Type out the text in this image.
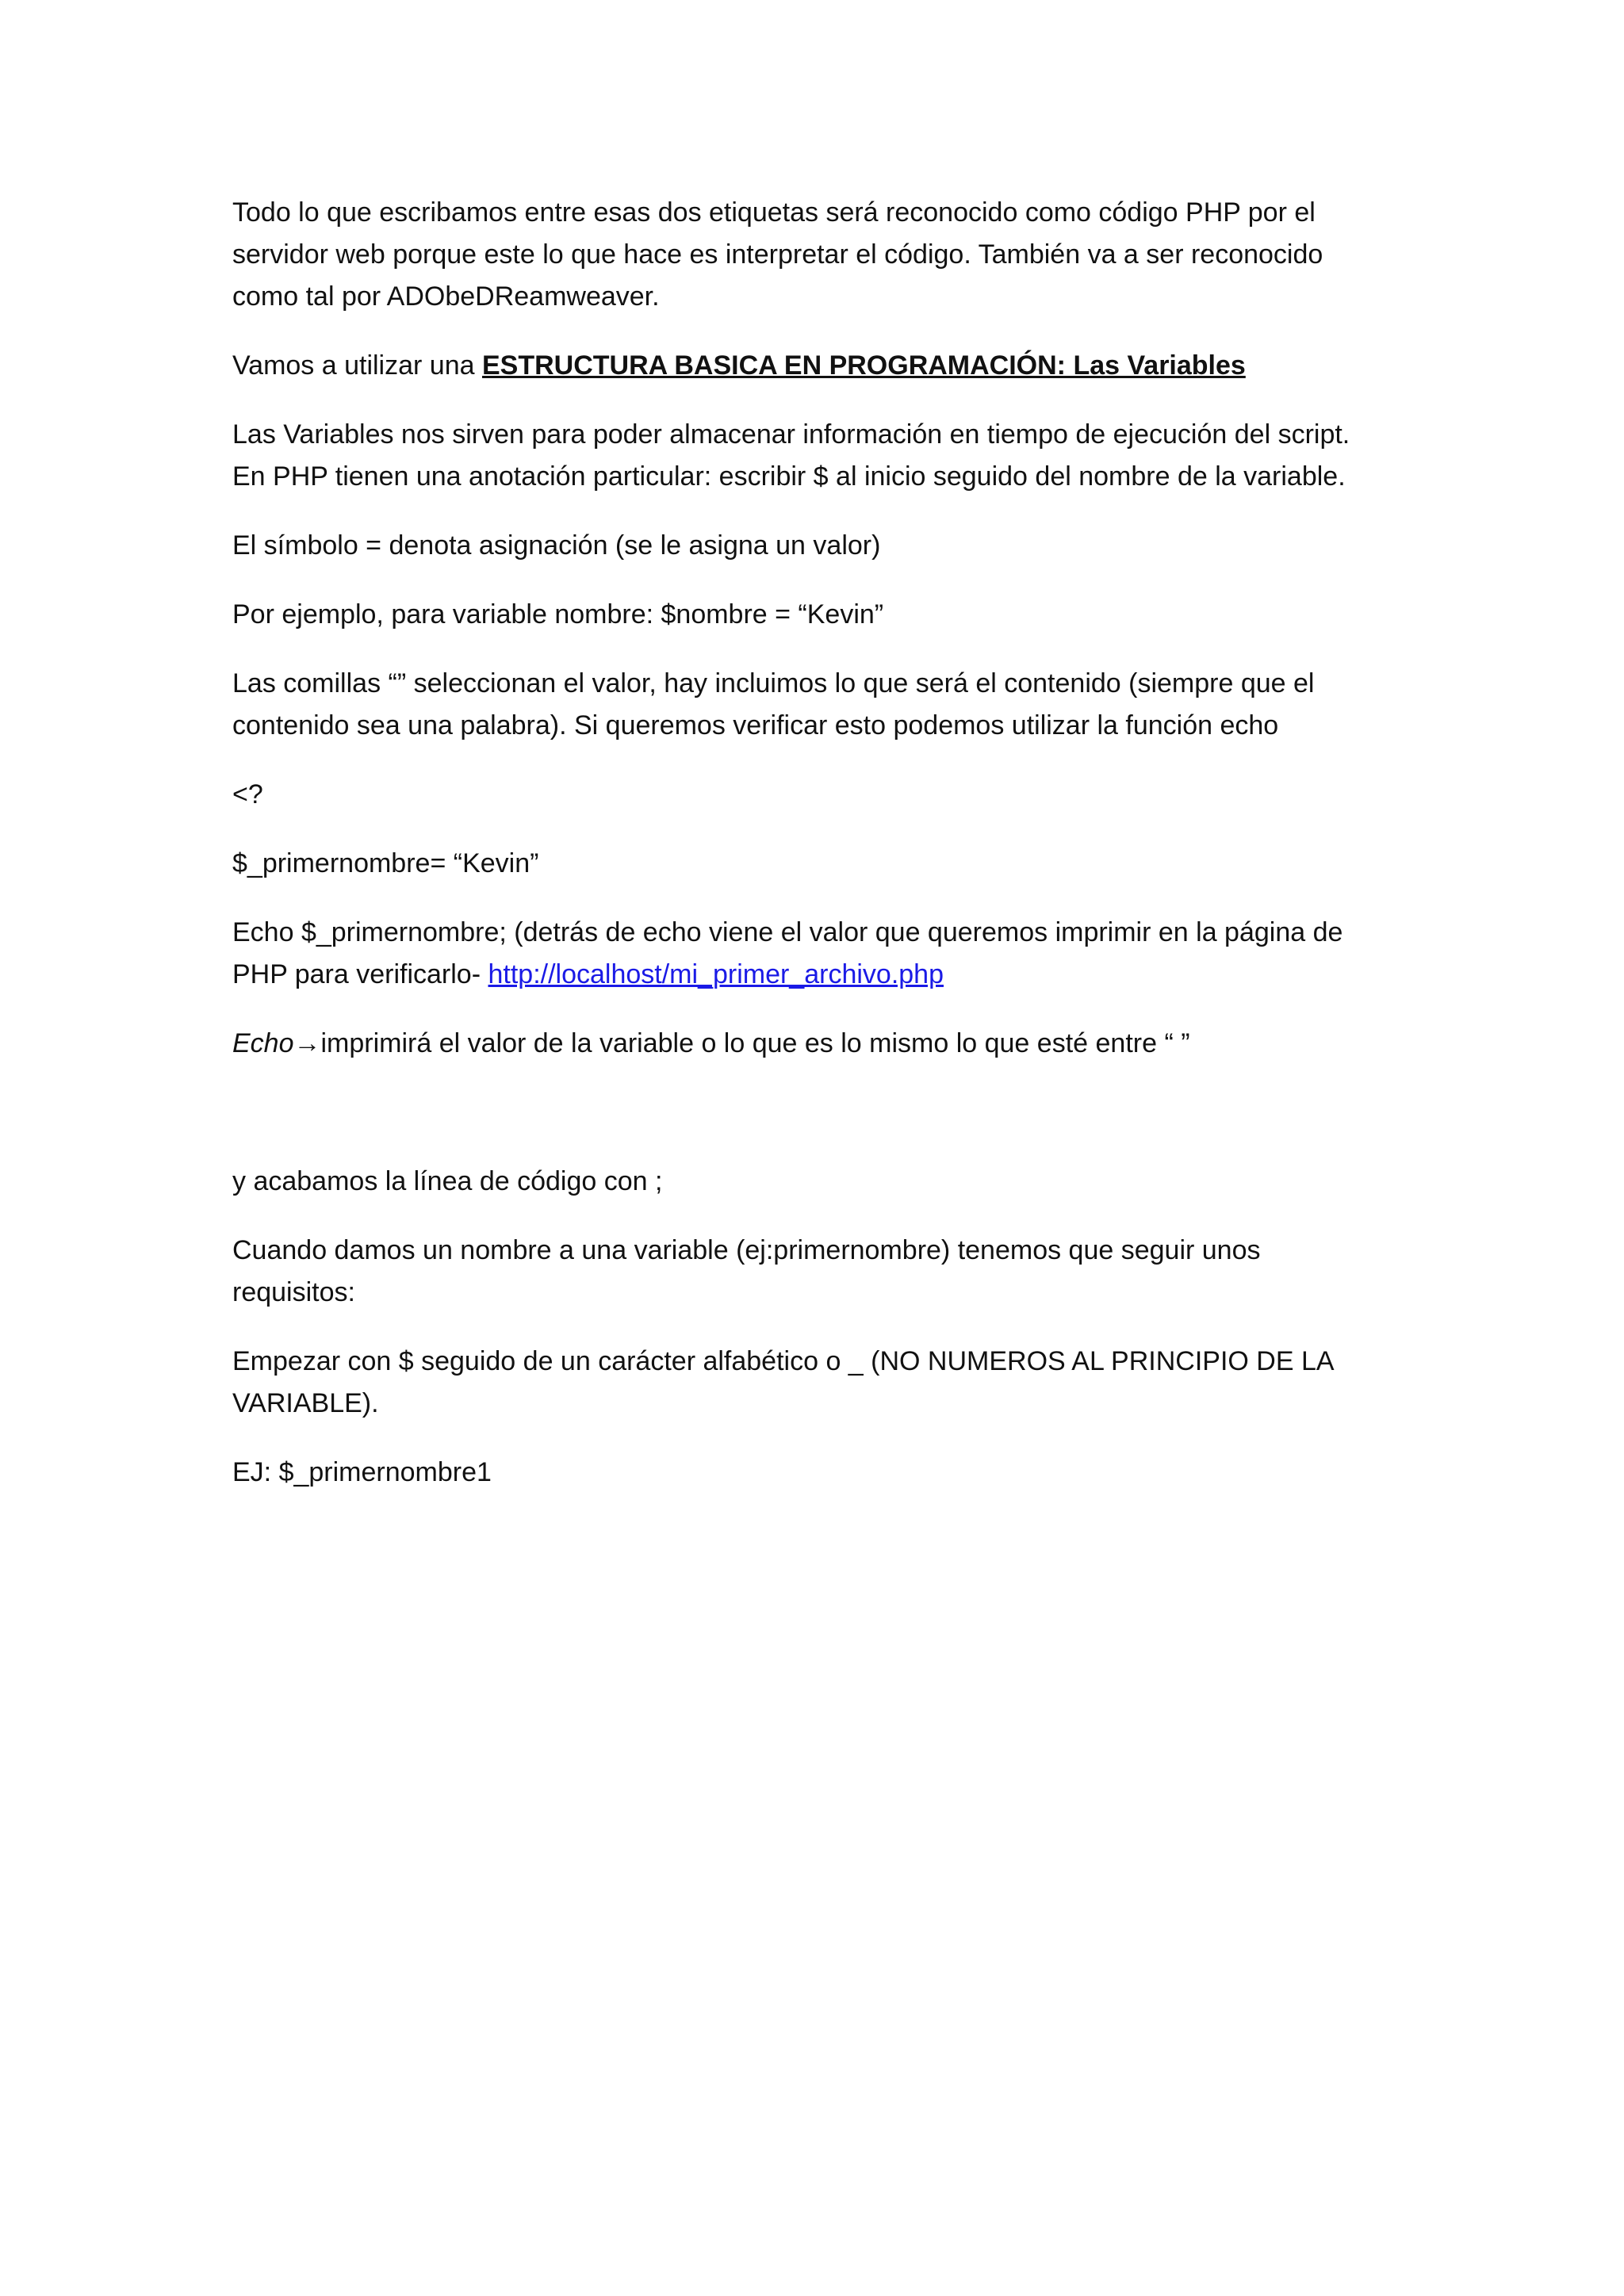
Todo lo que escribamos entre esas dos etiquetas será reconocido como código PHP por el
servidor web porque este lo que hace es interpretar el código. También va a ser reconocido
como tal por ADObeDReamweaver.

Vamos a utilizar una ESTRUCTURA BASICA EN PROGRAMACIÓN: Las Variables

Las Variables nos sirven para poder almacenar información en tiempo de ejecución del script.
En PHP tienen una anotación particular: escribir $ al inicio seguido del nombre de la variable.

El símbolo = denota asignación (se le asigna un valor)

Por ejemplo, para variable nombre: $nombre = “Kevin”

Las comillas “” seleccionan el valor, hay incluimos lo que será el contenido (siempre que el
contenido sea una palabra). Si queremos verificar esto podemos utilizar la función echo

<?

$_primernombre= “Kevin”

Echo $_primernombre; (detrás de echo viene el valor que queremos imprimir en la página de
PHP para verificarlo- http://localhost/mi_primer_archivo.php

Echo→imprimirá el valor de la variable o lo que es lo mismo lo que esté entre “ ”

y acabamos la línea de código con ;

Cuando damos un nombre a una variable (ej:primernombre) tenemos que seguir unos
requisitos:

Empezar con $ seguido de un carácter alfabético o _ (NO NUMEROS AL PRINCIPIO DE LA
VARIABLE).

EJ: $_primernombre1
